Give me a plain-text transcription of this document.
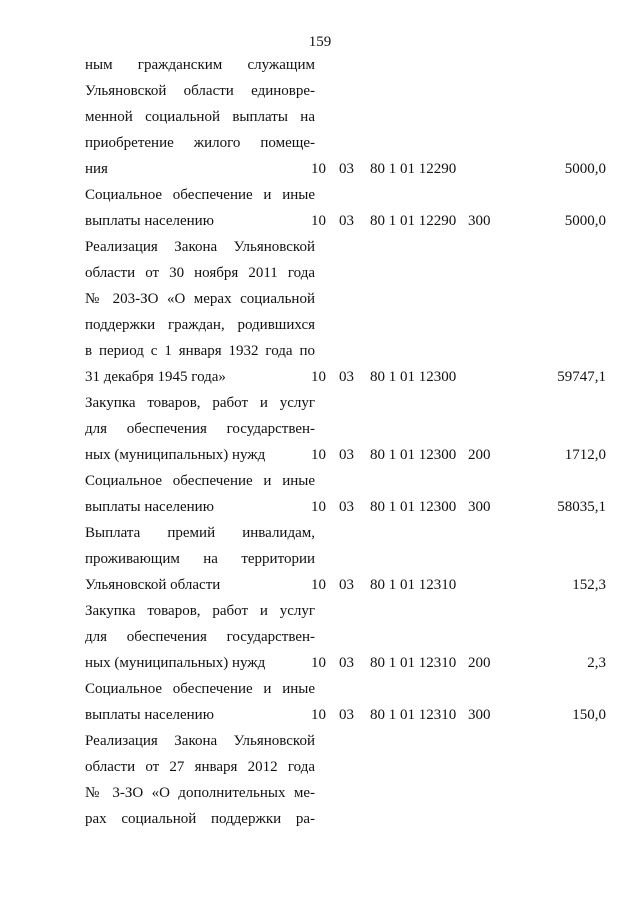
159
ным гражданским служащим
Ульяновской области единовре-
менной социальной выплаты на
приобретение жилого помеще-
ния	10 03 80 1 01 12290	5000,0
Социальное обеспечение и иные
выплаты населению	10 03 80 1 01 12290 300	5000,0
Реализация Закона Ульяновской
области от 30 ноября 2011 года
№ 203-ЗО «О мерах социальной
поддержки граждан, родившихся
в период с 1 января 1932 года по
31 декабря 1945 года»	10 03 80 1 01 12300	59747,1
Закупка товаров, работ и услуг
для обеспечения государствен-
ных (муниципальных) нужд	10 03 80 1 01 12300 200	1712,0
Социальное обеспечение и иные
выплаты населению	10 03 80 1 01 12300 300	58035,1
Выплата премий инвалидам,
проживающим на территории
Ульяновской области	10 03 80 1 01 12310	152,3
Закупка товаров, работ и услуг
для обеспечения государствен-
ных (муниципальных) нужд	10 03 80 1 01 12310 200	2,3
Социальное обеспечение и иные
выплаты населению	10 03 80 1 01 12310 300	150,0
Реализация Закона Ульяновской
области от 27 января 2012 года
№ 3-ЗО «О дополнительных ме-
рах социальной поддержки ра-
